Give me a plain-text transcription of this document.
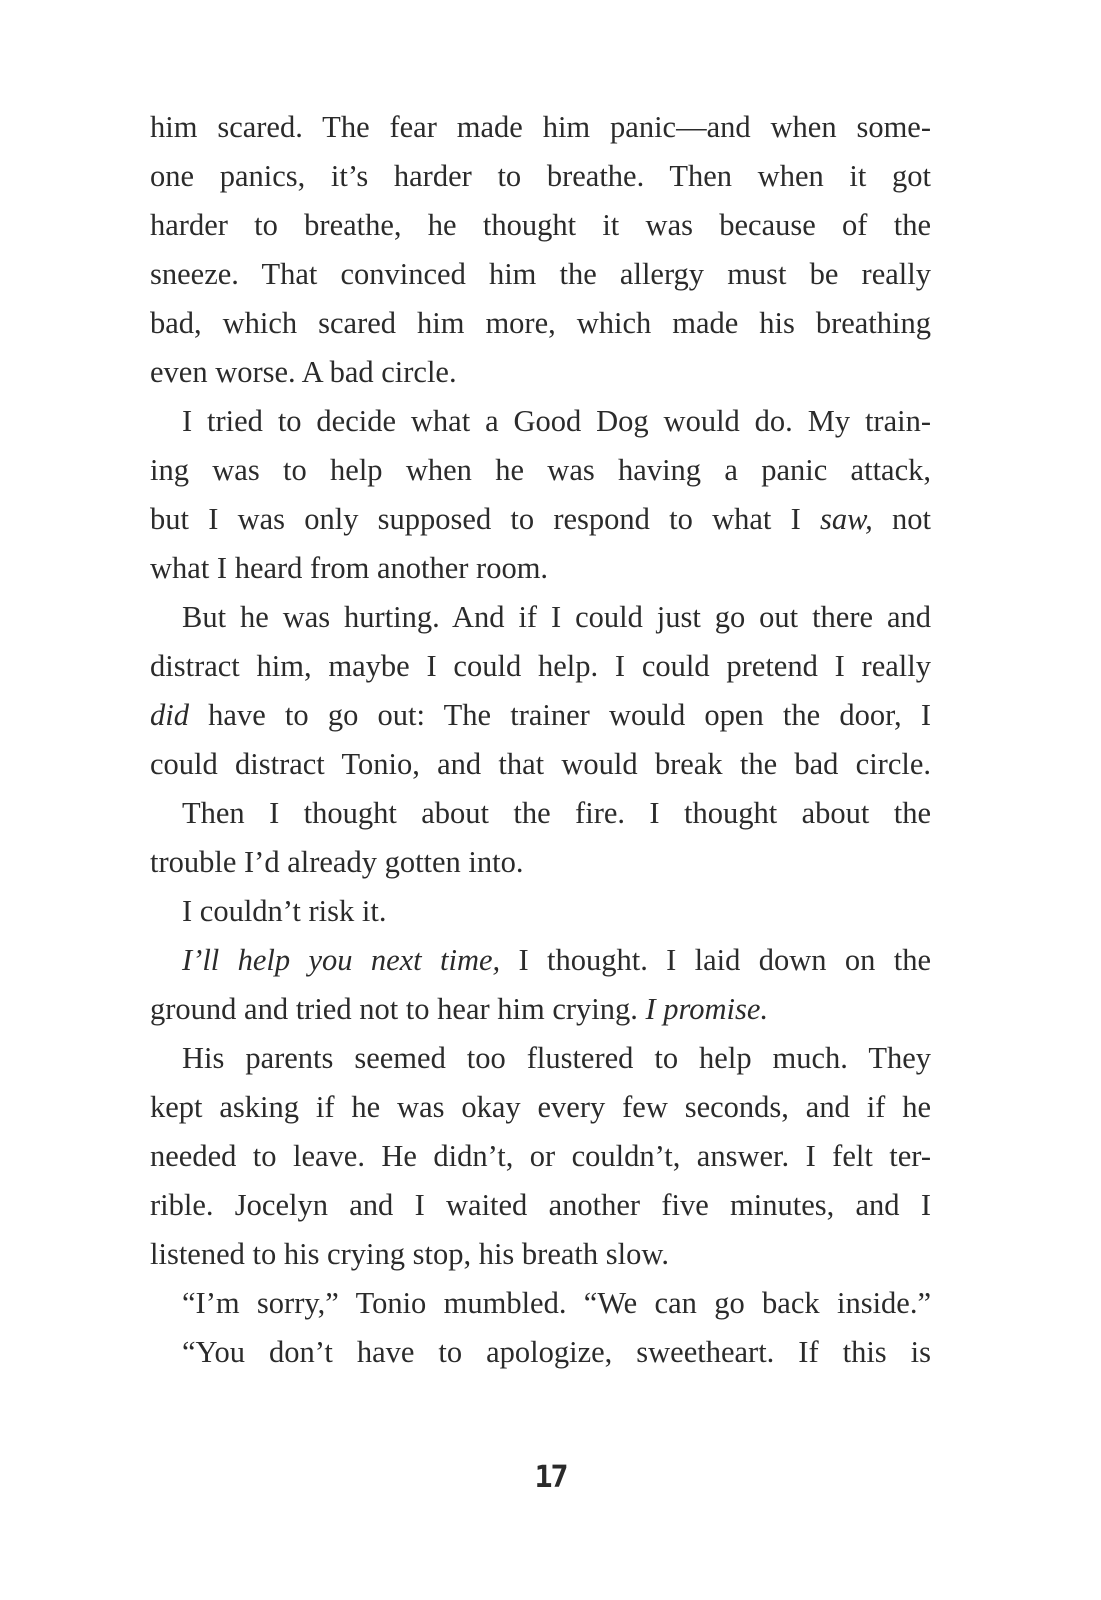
him scared. The fear made him panic—and when some-
one panics, it’s harder to breathe. Then when it got
harder to breathe, he thought it was because of the
sneeze. That convinced him the allergy must be really
bad, which scared him more, which made his breathing
even worse. A bad circle.
I tried to decide what a Good Dog would do. My train-
ing was to help when he was having a panic attack,
but I was only supposed to respond to what I saw, not
what I heard from another room.
But he was hurting. And if I could just go out there and
distract him, maybe I could help. I could pretend I really
did have to go out: The trainer would open the door, I
could distract Tonio, and that would break the bad circle.
Then I thought about the fire. I thought about the
trouble I’d already gotten into.
I couldn’t risk it.
I’ll help you next time, I thought. I laid down on the
ground and tried not to hear him crying. I promise.
His parents seemed too flustered to help much. They
kept asking if he was okay every few seconds, and if he
needed to leave. He didn’t, or couldn’t, answer. I felt ter-
rible. Jocelyn and I waited another five minutes, and I
listened to his crying stop, his breath slow.
“I’m sorry,” Tonio mumbled. “We can go back inside.”
“You don’t have to apologize, sweetheart. If this is
17
